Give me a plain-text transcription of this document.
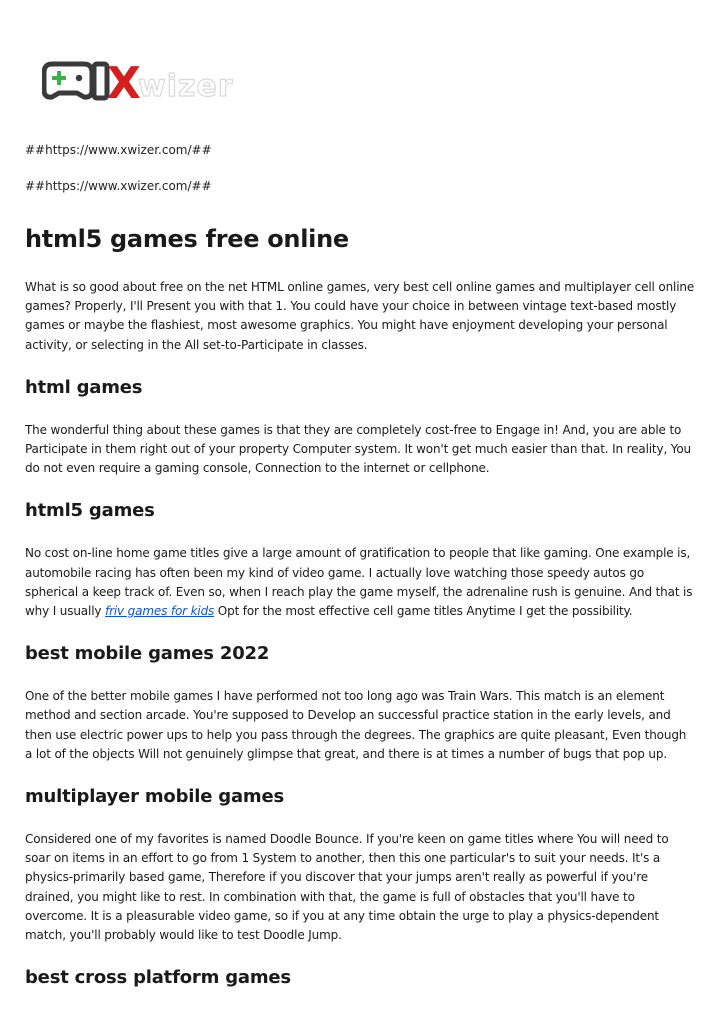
X
wizer
##https://www.xwizer.com/##
##https://www.xwizer.com/##
html5 games free online

What is so good about free on the net HTML online games, very best cell online games and multiplayer cell online games? Properly, I'll Present you with that 1. You could have your choice in between vintage text-based mostly games or maybe the flashiest, most awesome graphics. You might have enjoyment developing your personal activity, or selecting in the All set-to-Participate in classes.

html games

The wonderful thing about these games is that they are completely cost-free to Engage in! And, you are able to Participate in them right out of your property Computer system. It won't get much easier than that. In reality, You do not even require a gaming console, Connection to the internet or cellphone.

html5 games

No cost on-line home game titles give a large amount of gratification to people that like gaming. One example is, automobile racing has often been my kind of video game. I actually love watching those speedy autos go spherical a keep track of. Even so, when I reach play the game myself, the adrenaline rush is genuine. And that is why I usually friv games for kids Opt for the most effective cell game titles Anytime I get the possibility.

best mobile games 2022

One of the better mobile games I have performed not too long ago was Train Wars. This match is an element method and section arcade. You're supposed to Develop an successful practice station in the early levels, and then use electric power ups to help you pass through the degrees. The graphics are quite pleasant, Even though a lot of the objects Will not genuinely glimpse that great, and there is at times a number of bugs that pop up.

multiplayer mobile games

Considered one of my favorites is named Doodle Bounce. If you're keen on game titles where You will need to soar on items in an effort to go from 1 System to another, then this one particular's to suit your needs. It's a physics-primarily based game, Therefore if you discover that your jumps aren't really as powerful if you're drained, you might like to rest. In combination with that, the game is full of obstacles that you'll have to overcome. It is a pleasurable video game, so if you at any time obtain the urge to play a physics-dependent match, you'll probably would like to test Doodle Jump.

best cross platform games
